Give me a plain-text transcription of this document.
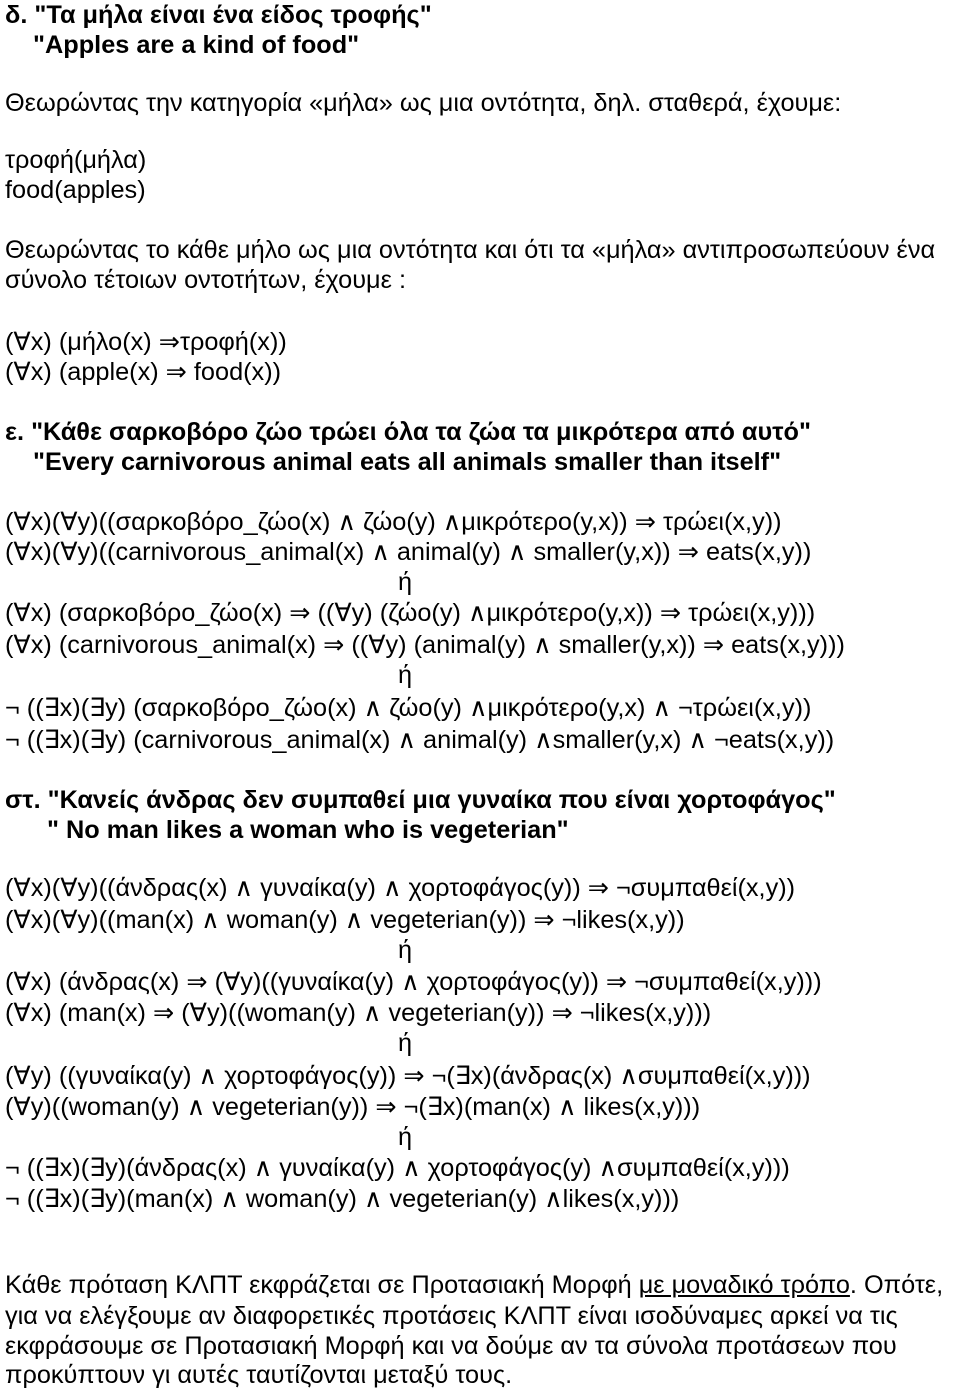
δ. "Τα μήλα είναι ένα είδος τροφής"
"Apples are a kind of food"
Θεωρώντας την κατηγορία «μήλα» ως μια οντότητα, δηλ. σταθερά, έχουμε:
τροφή(μήλα)
food(apples)
Θεωρώντας το κάθε μήλο ως μια οντότητα και ότι τα «μήλα» αντιπροσωπεύουν ένα
σύνολο τέτοιων οντοτήτων, έχουμε :
(∀x) (μήλο(x) ⇒τροφή(x))
(∀x) (apple(x) ⇒ food(x))
ε. "Κάθε σαρκοβόρο ζώο τρώει όλα τα ζώα τα μικρότερα από αυτό"
"Every carnivorous animal eats all animals smaller than itself"
(∀x)(∀y)((σαρκοβόρο_ζώο(x) ∧ ζώο(y) ∧μικρότερο(y,x)) ⇒ τρώει(x,y))
(∀x)(∀y)((carnivorous_animal(x) ∧ animal(y) ∧ smaller(y,x)) ⇒ eats(x,y))
ή
(∀x) (σαρκοβόρο_ζώο(x) ⇒ ((∀y) (ζώο(y) ∧μικρότερο(y,x)) ⇒ τρώει(x,y)))
(∀x) (carnivorous_animal(x) ⇒ ((∀y) (animal(y) ∧ smaller(y,x)) ⇒ eats(x,y)))
ή
¬ ((∃x)(∃y) (σαρκοβόρο_ζώο(x) ∧ ζώο(y) ∧μικρότερο(y,x) ∧ ¬τρώει(x,y))
¬ ((∃x)(∃y) (carnivorous_animal(x) ∧ animal(y) ∧smaller(y,x) ∧ ¬eats(x,y))
στ. "Κανείς άνδρας δεν συμπαθεί μια γυναίκα που είναι χορτοφάγος"
" No man likes a woman who is vegeterian"
(∀x)(∀y)((άνδρας(x) ∧ γυναίκα(y) ∧ χορτοφάγος(y)) ⇒ ¬συμπαθεί(x,y))
(∀x)(∀y)((man(x) ∧ woman(y) ∧ vegeterian(y)) ⇒ ¬likes(x,y))
ή
(∀x) (άνδρας(x) ⇒ (∀y)((γυναίκα(y) ∧ χορτοφάγος(y)) ⇒ ¬συμπαθεί(x,y)))
(∀x) (man(x) ⇒ (∀y)((woman(y) ∧ vegeterian(y)) ⇒ ¬likes(x,y)))
ή
(∀y) ((γυναίκα(y) ∧ χορτοφάγος(y)) ⇒ ¬(∃x)(άνδρας(x) ∧συμπαθεί(x,y)))
(∀y)((woman(y) ∧ vegeterian(y)) ⇒ ¬(∃x)(man(x) ∧ likes(x,y)))
ή
¬ ((∃x)(∃y)(άνδρας(x) ∧ γυναίκα(y) ∧ χορτοφάγος(y) ∧συμπαθεί(x,y)))
¬ ((∃x)(∃y)(man(x) ∧ woman(y) ∧ vegeterian(y) ∧likes(x,y)))
Κάθε πρόταση ΚΛΠΤ εκφράζεται σε Προτασιακή Μορφή με μοναδικό τρόπο. Οπότε,
για να ελέγξουμε αν διαφορετικές προτάσεις ΚΛΠΤ είναι ισοδύναμες αρκεί να τις
εκφράσουμε σε Προτασιακή Μορφή και να δούμε αν τα σύνολα προτάσεων που
προκύπτουν γι αυτές ταυτίζονται μεταξύ τους.
